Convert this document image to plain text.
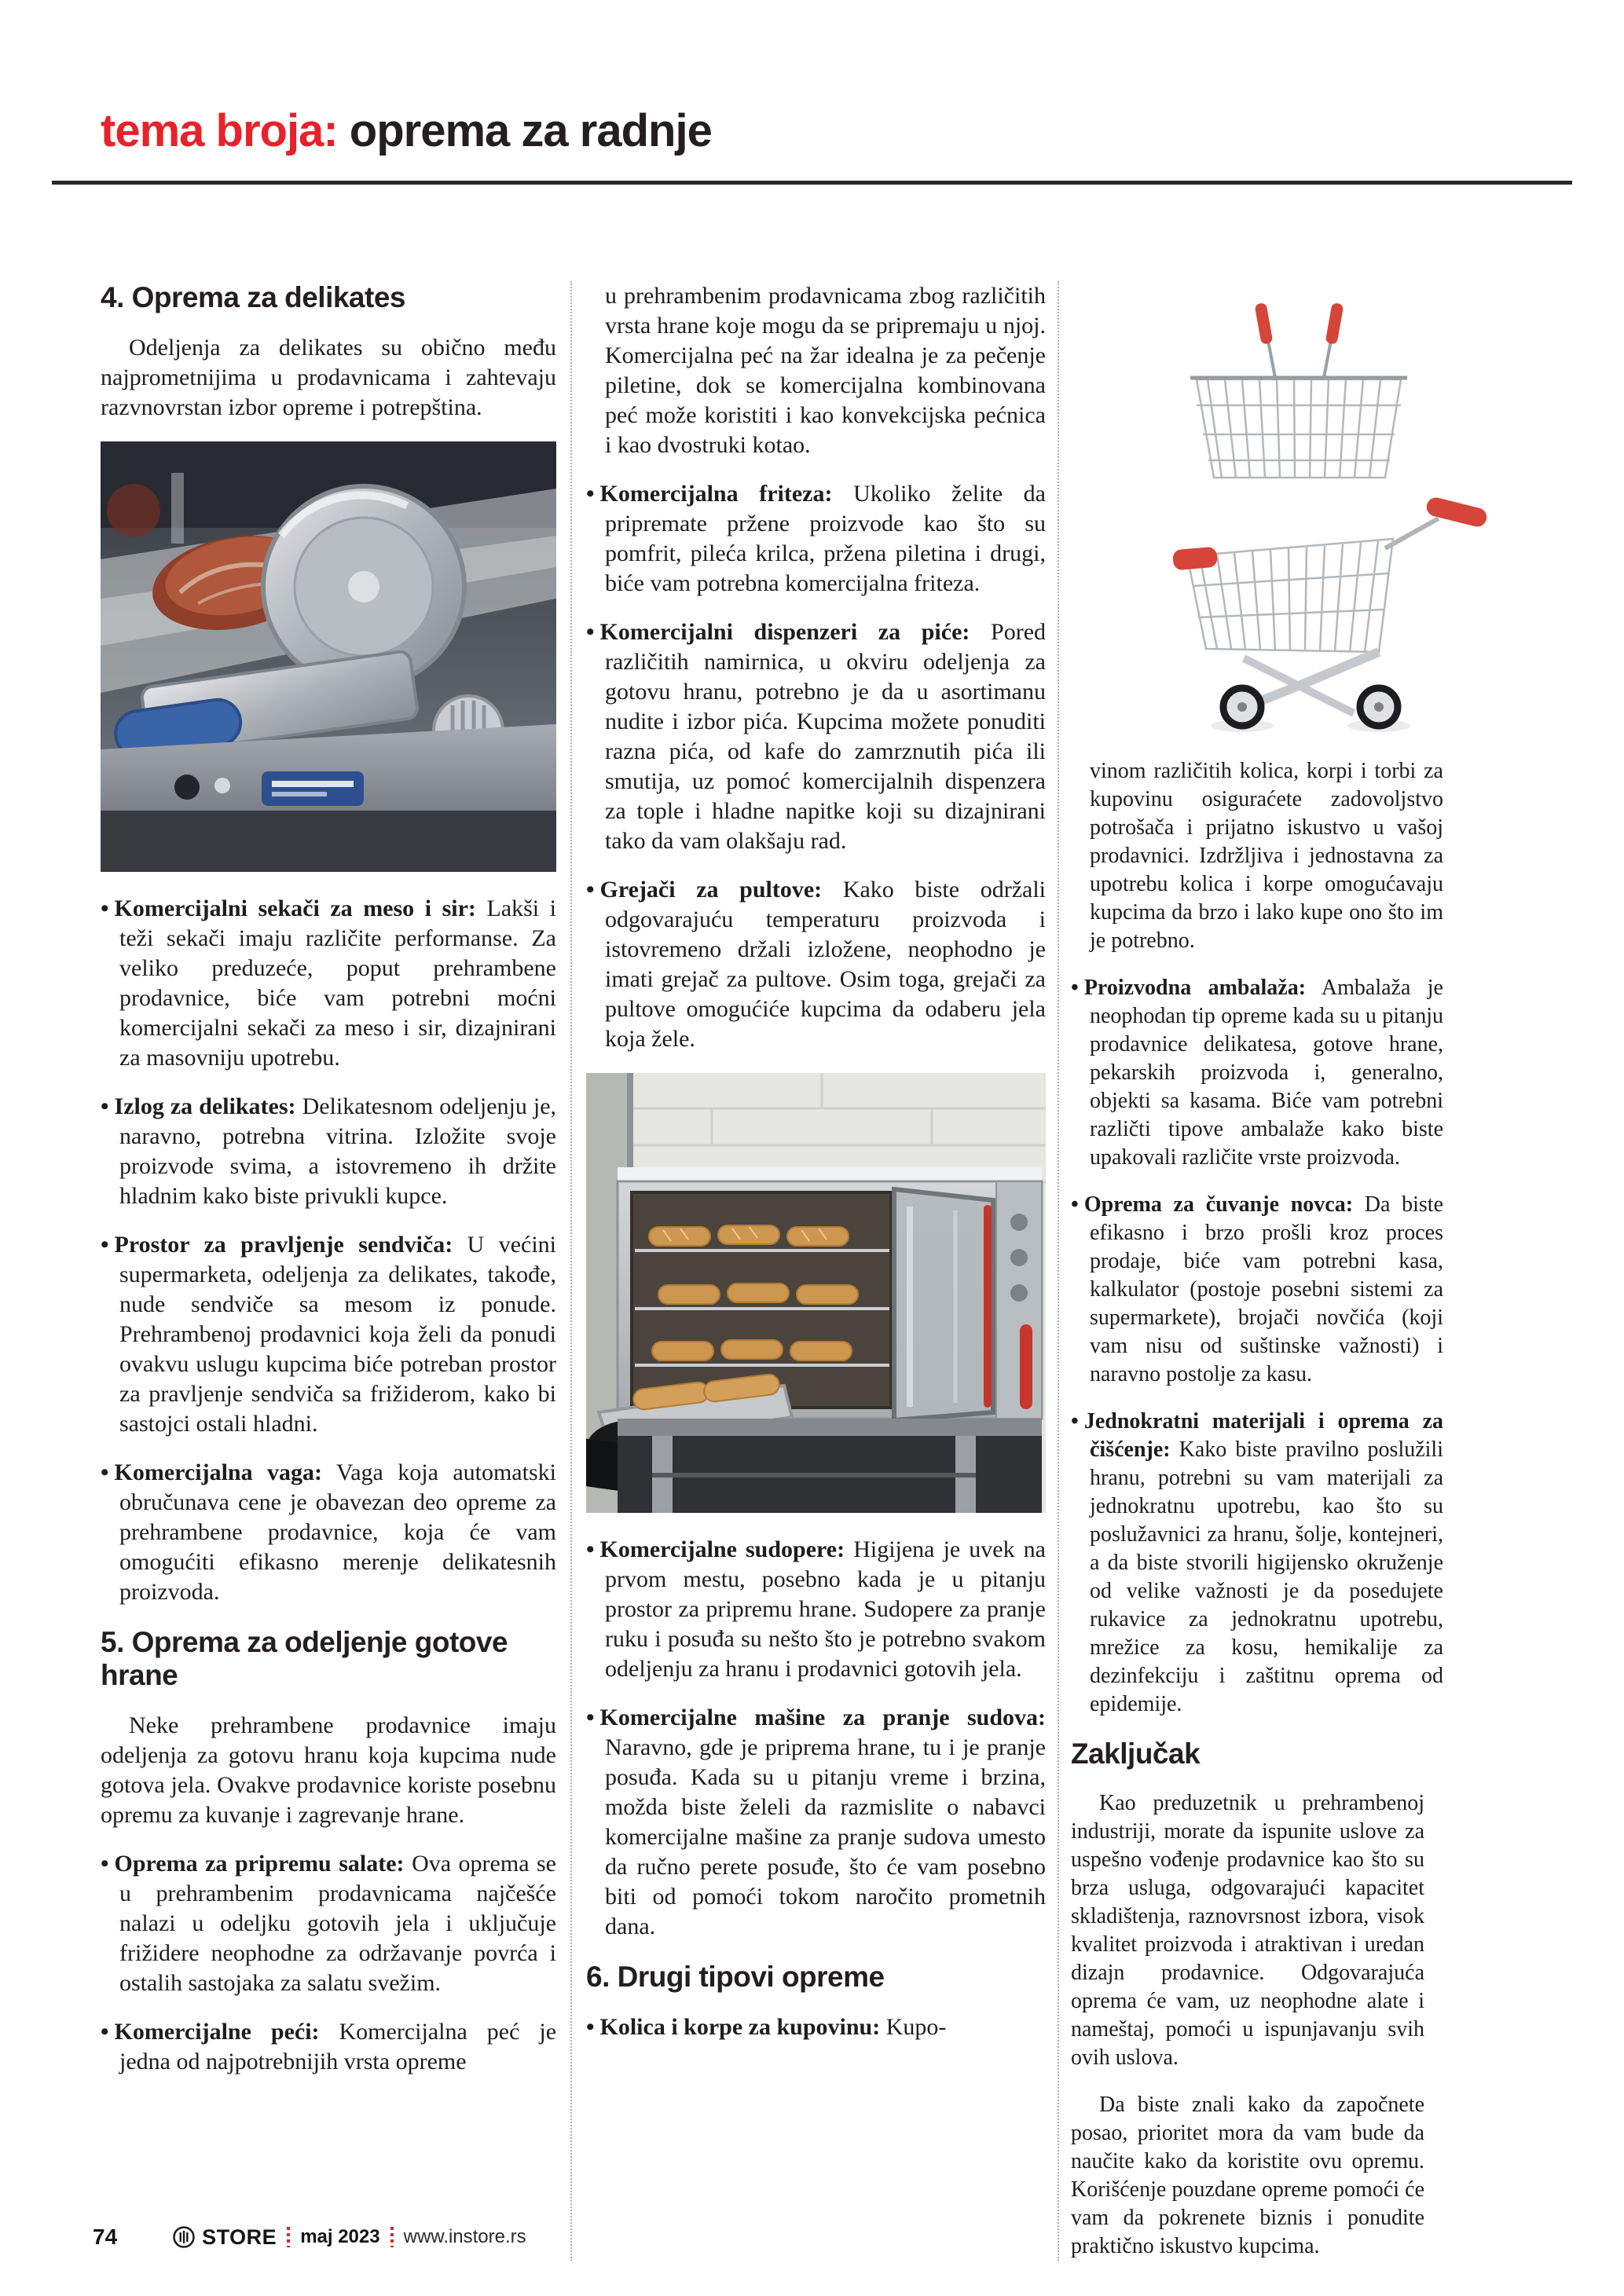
tema broja: oprema za radnje
4. Oprema za delikates

Odeljenja za delikates su obično među najprometnijima u prodavnicama i zahtevaju razvnovrstan izbor opreme i potrepština.

• Komercijalni sekači za meso i sir: Lakši i teži sekači imaju različite performanse. Za veliko preduzeće, poput prehrambene prodavnice, biće vam potrebni moćni komercijalni sekači za meso i sir, dizajnirani za masovniju upotrebu.

• Izlog za delikates: Delikatesnom odeljenju je, naravno, potrebna vitrina. Izložite svoje proizvode svima, a istovremeno ih držite hladnim kako biste privukli kupce.

• Prostor za pravljenje sendviča: U većini supermarketa, odeljenja za delikates, takođe, nude sendviče sa mesom iz ponude. Prehrambenoj prodavnici koja želi da ponudi ovakvu uslugu kupcima biće potreban prostor za pravljenje sendviča sa frižiderom, kako bi sastojci ostali hladni.

• Komercijalna vaga: Vaga koja automatski obručunava cene je obavezan deo opreme za prehrambene prodavnice, koja će vam omogućiti efikasno merenje delikatesnih proizvoda.

5. Oprema za odeljenje gotove hrane

Neke prehrambene prodavnice imaju odeljenja za gotovu hranu koja kupcima nude gotova jela. Ovakve prodavnice koriste posebnu opremu za kuvanje i zagrevanje hrane.

• Oprema za pripremu salate: Ova oprema se u prehrambenim prodavnicama najčešće nalazi u odeljku gotovih jela i uključuje frižidere neophodne za održavanje povrća i ostalih sastojaka za salatu svežim.

• Komercijalne peći: Komercijalna peć je jedna od najpotrebnijih vrsta opreme

u prehrambenim prodavnicama zbog različitih vrsta hrane koje mogu da se pripremaju u njoj. Komercijalna peć na žar idealna je za pečenje piletine, dok se komercijalna kombinovana peć može koristiti i kao konvekcijska pećnica i kao dvostruki kotao.

• Komercijalna friteza: Ukoliko želite da pripremate pržene proizvode kao što su pomfrit, pileća krilca, pržena piletina i drugi, biće vam potrebna komercijalna friteza.

• Komercijalni dispenzeri za piće: Pored različitih namirnica, u okviru odeljenja za gotovu hranu, potrebno je da u asortimanu nudite i izbor pića. Kupcima možete ponuditi razna pića, od kafe do zamrznutih pića ili smutija, uz pomoć komercijalnih dispenzera za tople i hladne napitke koji su dizajnirani tako da vam olakšaju rad.

• Grejači za pultove: Kako biste održali odgovarajuću temperaturu proizvoda i istovremeno držali izložene, neophodno je imati grejač za pultove. Osim toga, grejači za pultove omogućiće kupcima da odaberu jela koja žele.

• Komercijalne sudopere: Higijena je uvek na prvom mestu, posebno kada je u pitanju prostor za pripremu hrane. Sudopere za pranje ruku i posuđa su nešto što je potrebno svakom odeljenju za hranu i prodavnici gotovih jela.

• Komercijalne mašine za pranje sudova: Naravno, gde je priprema hrane, tu i je pranje posuđa. Kada su u pitanju vreme i brzina, možda biste želeli da razmislite o nabavci komercijalne mašine za pranje sudova umesto da ručno perete posuđe, što će vam posebno biti od pomoći tokom naročito prometnih dana.

6. Drugi tipovi opreme

• Kolica i korpe za kupovinu: Kupo-

vinom različitih kolica, korpi i torbi za kupovinu osiguraćete zadovoljstvo potrošača i prijatno iskustvo u vašoj prodavnici. Izdržljiva i jednostavna za upotrebu kolica i korpe omogućavaju kupcima da brzo i lako kupe ono što im je potrebno.

• Proizvodna ambalaža: Ambalaža je neophodan tip opreme kada su u pitanju prodavnice delikatesa, gotove hrane, pekarskih proizvoda i, generalno, objekti sa kasama. Biće vam potrebni različti tipove ambalaže kako biste upakovali različite vrste proizvoda.

• Oprema za čuvanje novca: Da biste efikasno i brzo prošli kroz proces prodaje, biće vam potrebni kasa, kalkulator (postoje posebni sistemi za supermarkete), brojači novčića (koji vam nisu od suštinske važnosti) i naravno postolje za kasu.

• Jednokratni materijali i oprema za čišćenje: Kako biste pravilno poslužili hranu, potrebni su vam materijali za jednokratnu upotrebu, kao što su poslužavnici za hranu, šolje, kontejneri, a da biste stvorili higijensko okruženje od velike važnosti je da posedujete rukavice za jednokratnu upotrebu, mrežice za kosu, hemikalije za dezinfekciju i zaštitnu oprema od epidemije.

Zaključak

Kao preduzetnik u prehrambenoj industriji, morate da ispunite uslove za uspešno vođenje prodavnice kao što su brza usluga, odgovarajući kapacitet skladištenja, raznovrsnost izbora, visok kvalitet proizvoda i atraktivan i uredan dizajn prodavnice. Odgovarajuća oprema će vam, uz neophodne alate i nameštaj, pomoći u ispunjavanju svih ovih uslova.

Da biste znali kako da započnete posao, prioritet mora da vam bude da naučite kako da koristite ovu opremu. Korišćenje pouzdane opreme pomoći će vam da pokrenete biznis i ponudite praktično iskustvo kupcima.

74	STORE maj 2023 www.instore.rs
